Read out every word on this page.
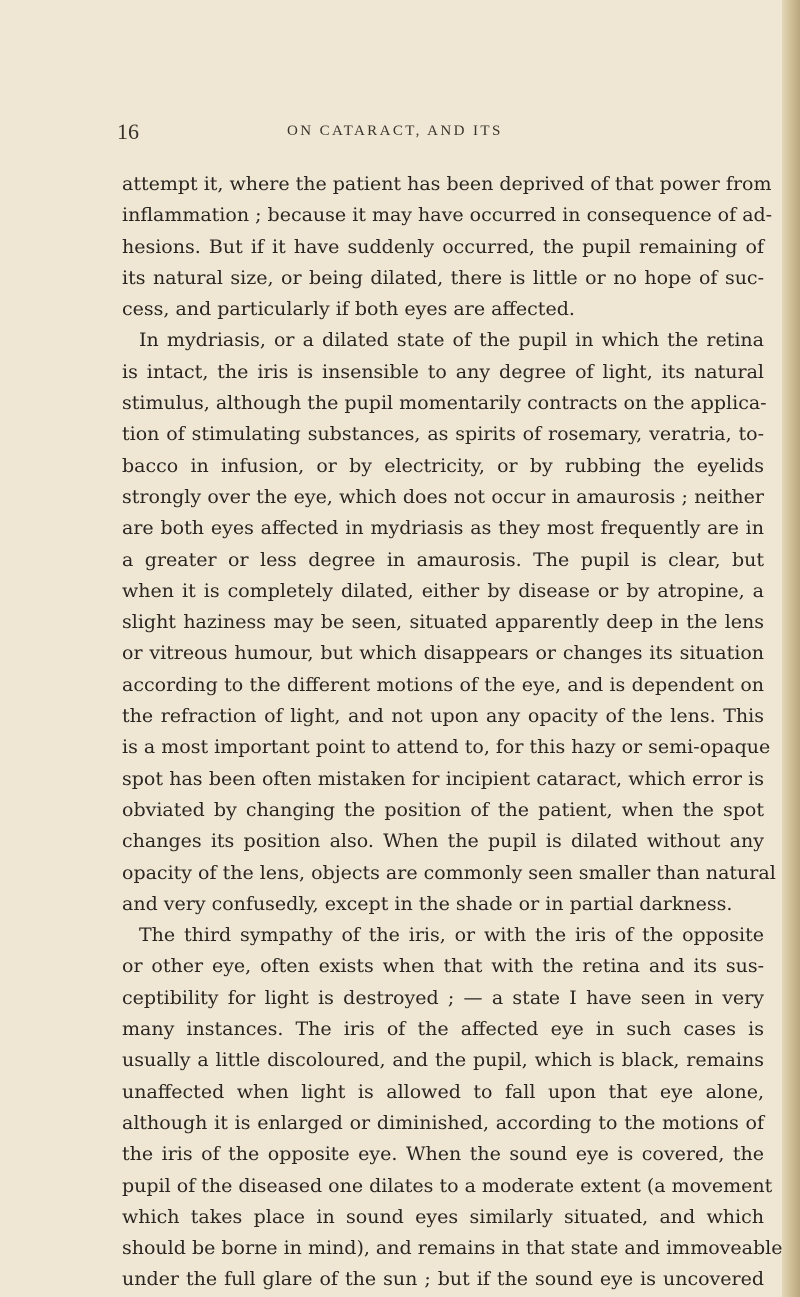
16	ON CATARACT, AND ITS
attempt it, where the patient has been deprived of that power from
inflammation ; because it may have occurred in consequence of ad-
hesions. But if it have suddenly occurred, the pupil remaining of
its natural size, or being dilated, there is little or no hope of suc-
cess, and particularly if both eyes are affected.
In mydriasis, or a dilated state of the pupil in which the retina
is intact, the iris is insensible to any degree of light, its natural
stimulus, although the pupil momentarily contracts on the applica-
tion of stimulating substances, as spirits of rosemary, veratria, to-
bacco in infusion, or by electricity, or by rubbing the eyelids
strongly over the eye, which does not occur in amaurosis ; neither
are both eyes affected in mydriasis as they most frequently are in
a greater or less degree in amaurosis. The pupil is clear, but
when it is completely dilated, either by disease or by atropine, a
slight haziness may be seen, situated apparently deep in the lens
or vitreous humour, but which disappears or changes its situation
according to the different motions of the eye, and is dependent on
the refraction of light, and not upon any opacity of the lens. This
is a most important point to attend to, for this hazy or semi-opaque
spot has been often mistaken for incipient cataract, which error is
obviated by changing the position of the patient, when the spot
changes its position also. When the pupil is dilated without any
opacity of the lens, objects are commonly seen smaller than natural
and very confusedly, except in the shade or in partial darkness.
The third sympathy of the iris, or with the iris of the opposite
or other eye, often exists when that with the retina and its sus-
ceptibility for light is destroyed ; — a state I have seen in very
many instances. The iris of the affected eye in such cases is
usually a little discoloured, and the pupil, which is black, remains
unaffected when light is allowed to fall upon that eye alone,
although it is enlarged or diminished, according to the motions of
the iris of the opposite eye. When the sound eye is covered, the
pupil of the diseased one dilates to a moderate extent (a movement
which takes place in sound eyes similarly situated, and which
should be borne in mind), and remains in that state and immoveable
under the full glare of the sun ; but if the sound eye is uncovered
